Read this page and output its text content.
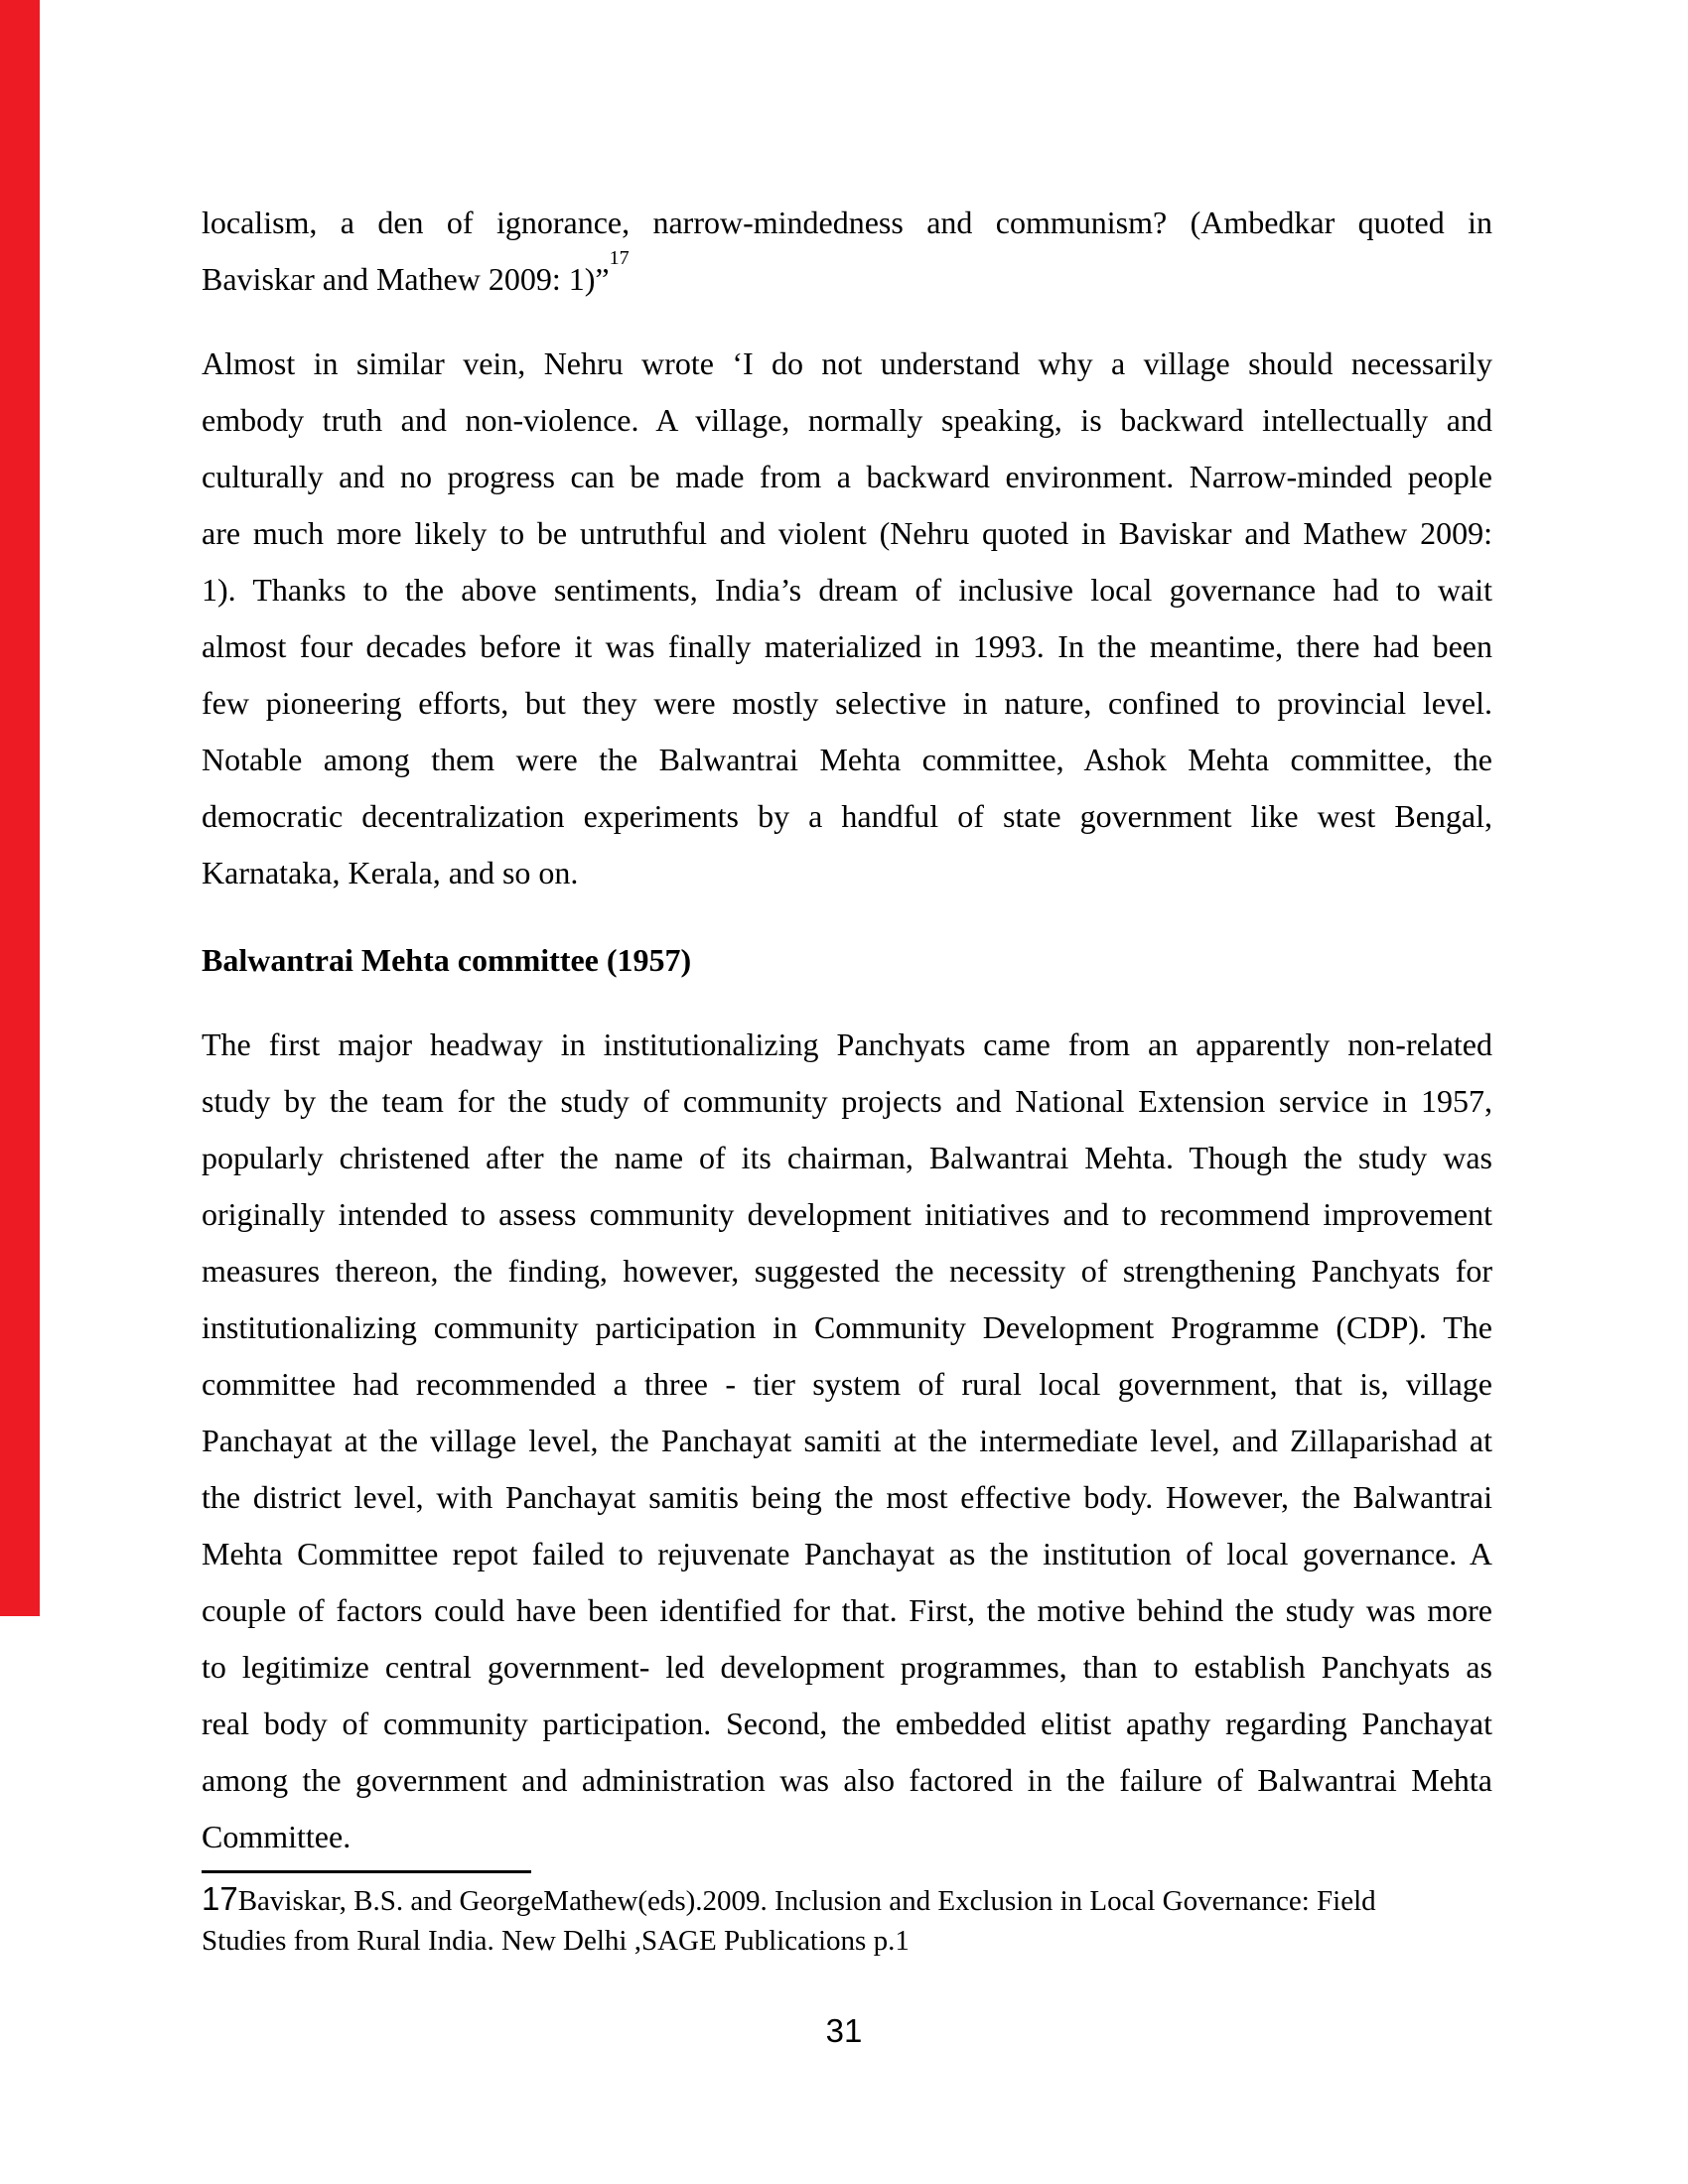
localism, a den of ignorance, narrow-mindedness and communism? (Ambedkar quoted in
Baviskar and Mathew 2009: 1)”$^{17}$
Almost in similar vein, Nehru wrote ‘I do not understand why a village should necessarily
embody truth and non-violence. A village, normally speaking, is backward intellectually and
culturally and no progress can be made from a backward environment. Narrow-minded people
are much more likely to be untruthful and violent (Nehru quoted in Baviskar and Mathew 2009:
1). Thanks to the above sentiments, India’s dream of inclusive local governance had to wait
almost four decades before it was finally materialized in 1993. In the meantime, there had been
few pioneering efforts, but they were mostly selective in nature, confined to provincial level.
Notable among them were the Balwantrai Mehta committee, Ashok Mehta committee, the
democratic decentralization experiments by a handful of state government like west Bengal,
Karnataka, Kerala, and so on.
Balwantrai Mehta committee (1957)
The first major headway in institutionalizing Panchyats came from an apparently non-related
study by the team for the study of community projects and National Extension service in 1957,
popularly christened after the name of its chairman, Balwantrai Mehta. Though the study was
originally intended to assess community development initiatives and to recommend improvement
measures thereon, the finding, however, suggested the necessity of strengthening Panchyats for
institutionalizing community participation in Community Development Programme (CDP). The
committee had recommended a three - tier system of rural local government, that is, village
Panchayat at the village level, the Panchayat samiti at the intermediate level, and Zillaparishad at
the district level, with Panchayat samitis being the most effective body. However, the Balwantrai
Mehta Committee repot failed to rejuvenate Panchayat as the institution of local governance. A
couple of factors could have been identified for that. First, the motive behind the study was more
to legitimize central government- led development programmes, than to establish Panchyats as
real body of community participation. Second, the embedded elitist apathy regarding Panchayat
among the government and administration was also factored in the failure of Balwantrai Mehta
Committee.
17Baviskar, B.S. and GeorgeMathew(eds).2009. Inclusion and Exclusion in Local Governance: Field
Studies from Rural India. New Delhi ,SAGE Publications p.1
31
